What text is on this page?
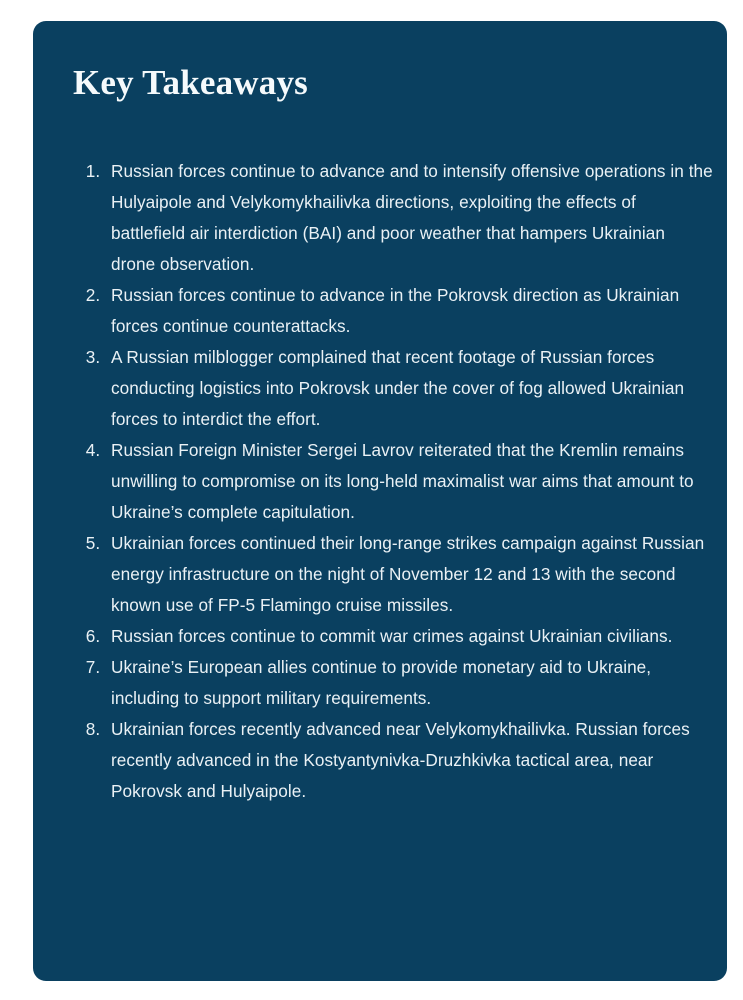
Key Takeaways
1. Russian forces continue to advance and to intensify offensive operations in the Hulyaipole and Velykomykhailivka directions, exploiting the effects of battlefield air interdiction (BAI) and poor weather that hampers Ukrainian drone observation.
2. Russian forces continue to advance in the Pokrovsk direction as Ukrainian forces continue counterattacks.
3. A Russian milblogger complained that recent footage of Russian forces conducting logistics into Pokrovsk under the cover of fog allowed Ukrainian forces to interdict the effort.
4. Russian Foreign Minister Sergei Lavrov reiterated that the Kremlin remains unwilling to compromise on its long-held maximalist war aims that amount to Ukraine’s complete capitulation.
5. Ukrainian forces continued their long-range strikes campaign against Russian energy infrastructure on the night of November 12 and 13 with the second known use of FP-5 Flamingo cruise missiles.
6. Russian forces continue to commit war crimes against Ukrainian civilians.
7. Ukraine’s European allies continue to provide monetary aid to Ukraine, including to support military requirements.
8. Ukrainian forces recently advanced near Velykomykhailivka. Russian forces recently advanced in the Kostyantynivka-Druzhkivka tactical area, near Pokrovsk and Hulyaipole.
